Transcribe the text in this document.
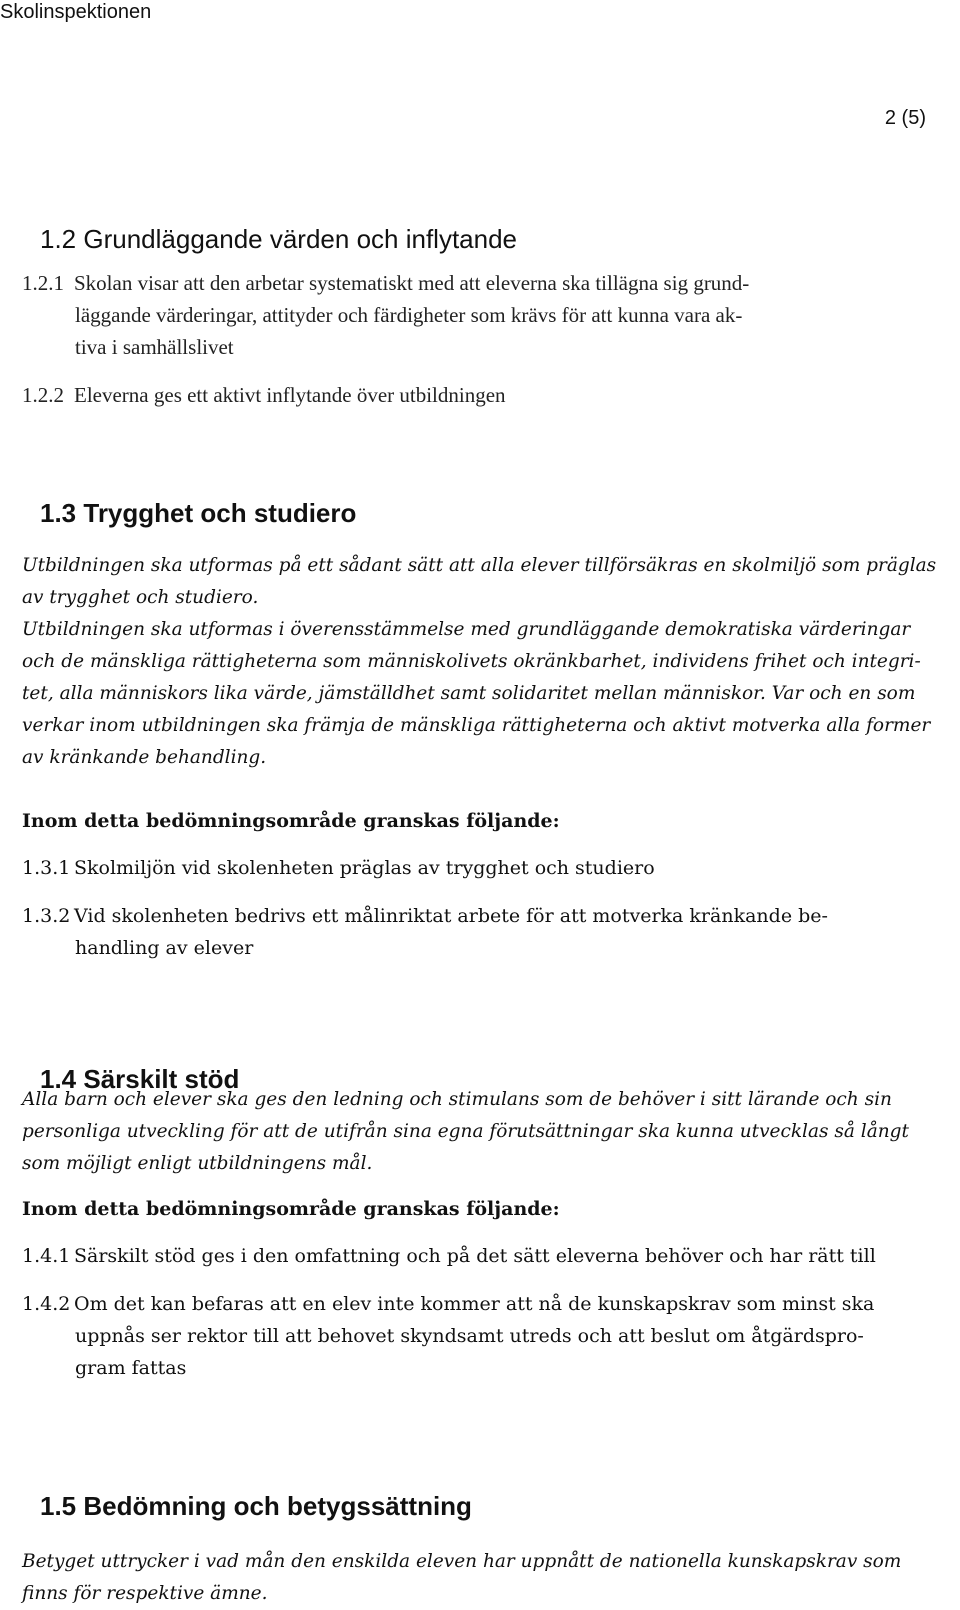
Skolinspektionen
2 (5)
1.2 Grundläggande värden och inflytande
1.2.1 Skolan visar att den arbetar systematiskt med att eleverna ska tillägna sig grund-
läggande värderingar, attityder och färdigheter som krävs för att kunna vara ak-
tiva i samhällslivet
1.2.2 Eleverna ges ett aktivt inflytande över utbildningen
1.3 Trygghet och studiero
Utbildningen ska utformas på ett sådant sätt att alla elever tillförsäkras en skolmiljö som präglas
av trygghet och studiero.
Utbildningen ska utformas i överensstämmelse med grundläggande demokratiska värderingar
och de mänskliga rättigheterna som människolivets okränkbarhet, individens frihet och integri-
tet, alla människors lika värde, jämställdhet samt solidaritet mellan människor. Var och en som
verkar inom utbildningen ska främja de mänskliga rättigheterna och aktivt motverka alla former
av kränkande behandling.
Inom detta bedömningsområde granskas följande:
1.3.1 Skolmiljön vid skolenheten präglas av trygghet och studiero
1.3.2 Vid skolenheten bedrivs ett målinriktat arbete för att motverka kränkande be-
handling av elever
1.4 Särskilt stöd
Alla barn och elever ska ges den ledning och stimulans som de behöver i sitt lärande och sin
personliga utveckling för att de utifrån sina egna förutsättningar ska kunna utvecklas så långt
som möjligt enligt utbildningens mål.
Inom detta bedömningsområde granskas följande:
1.4.1 Särskilt stöd ges i den omfattning och på det sätt eleverna behöver och har rätt till
1.4.2 Om det kan befaras att en elev inte kommer att nå de kunskapskrav som minst ska
uppnås ser rektor till att behovet skyndsamt utreds och att beslut om åtgärdspro-
gram fattas
1.5 Bedömning och betygssättning
Betyget uttrycker i vad mån den enskilda eleven har uppnått de nationella kunskapskrav som
finns för respektive ämne.
